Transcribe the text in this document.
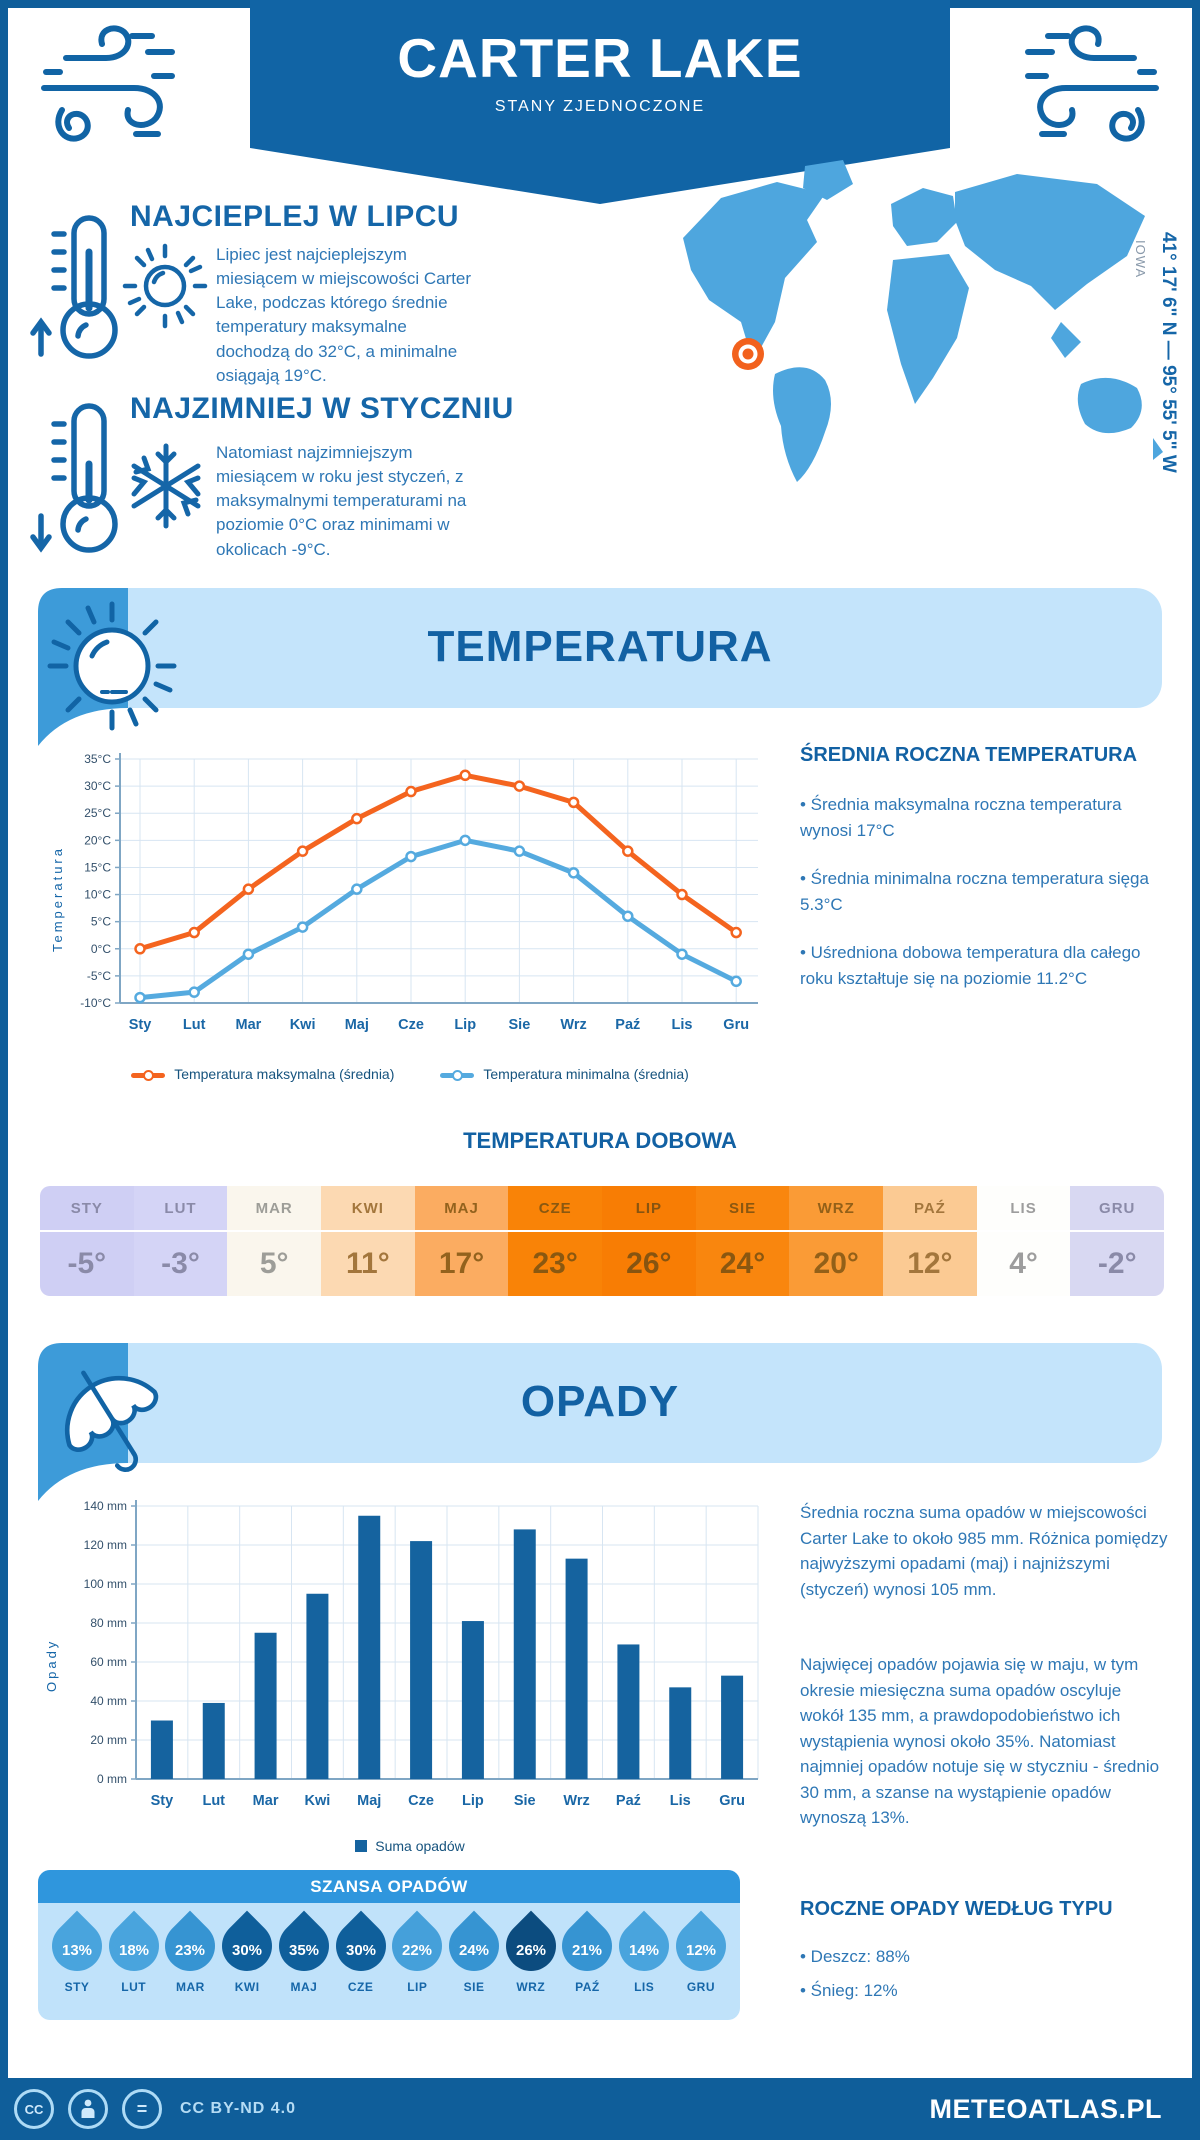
CARTER LAKE
STANY ZJEDNOCZONE
NAJCIEPLEJ W LIPCU
Lipiec jest najcieplejszym miesiącem w miejscowości Carter Lake, podczas którego średnie temperatury maksymalne dochodzą do 32°C, a minimalne osiągają 19°C.
NAJZIMNIEJ W STYCZNIU
Natomiast najzimniejszym miesiącem w roku jest styczeń, z maksymalnymi temperaturami na poziomie 0°C oraz minimami w okolicach -9°C.
41° 17' 6" N — 95° 55' 5" W
IOWA
TEMPERATURA
Temperatura
-10°C
-5°C
0°C
5°C
10°C
15°C
20°C
25°C
30°C
35°C
Sty Lut Mar Kwi Maj Cze Lip Sie Wrz Paź Lis Gru
Temperatura maksymalna (średnia)	Temperatura minimalna (średnia)
ŚREDNIA ROCZNA TEMPERATURA
• Średnia maksymalna roczna temperatura wynosi 17°C
• Średnia minimalna roczna temperatura sięga 5.3°C
• Uśredniona dobowa temperatura dla całego roku kształtuje się na poziomie 11.2°C
TEMPERATURA DOBOWA
STY
-5°
LUT
-3°
MAR
5°
KWI
11°
MAJ
17°
CZE
23°
LIP
26°
SIE
24°
WRZ
20°
PAŹ
12°
LIS
4°
GRU
-2°
OPADY
Opady
0 mm
20 mm
40 mm
60 mm
80 mm
100 mm
120 mm
140 mm
Sty Lut Mar Kwi Maj Cze Lip Sie Wrz Paź Lis Gru
Suma opadów
Średnia roczna suma opadów w miejscowości Carter Lake to około 985 mm. Różnica pomiędzy najwyższymi opadami (maj) i najniższymi (styczeń) wynosi 105 mm.
Najwięcej opadów pojawia się w maju, w tym okresie miesięczna suma opadów oscyluje wokół 135 mm, a prawdopodobieństwo ich wystąpienia wynosi około 35%. Natomiast najmniej opadów notuje się w styczniu - średnio 30 mm, a szanse na wystąpienie opadów wynoszą 13%.
SZANSA OPADÓW
13%
STY
18%
LUT
23%
MAR
30%
KWI
35%
MAJ
30%
CZE
22%
LIP
24%
SIE
26%
WRZ
21%
PAŹ
14%
LIS
12%
GRU
ROCZNE OPADY WEDŁUG TYPU
• Deszcz: 88%
• Śnieg: 12%
CC	=	CC BY-ND 4.0	METEOATLAS.PL
